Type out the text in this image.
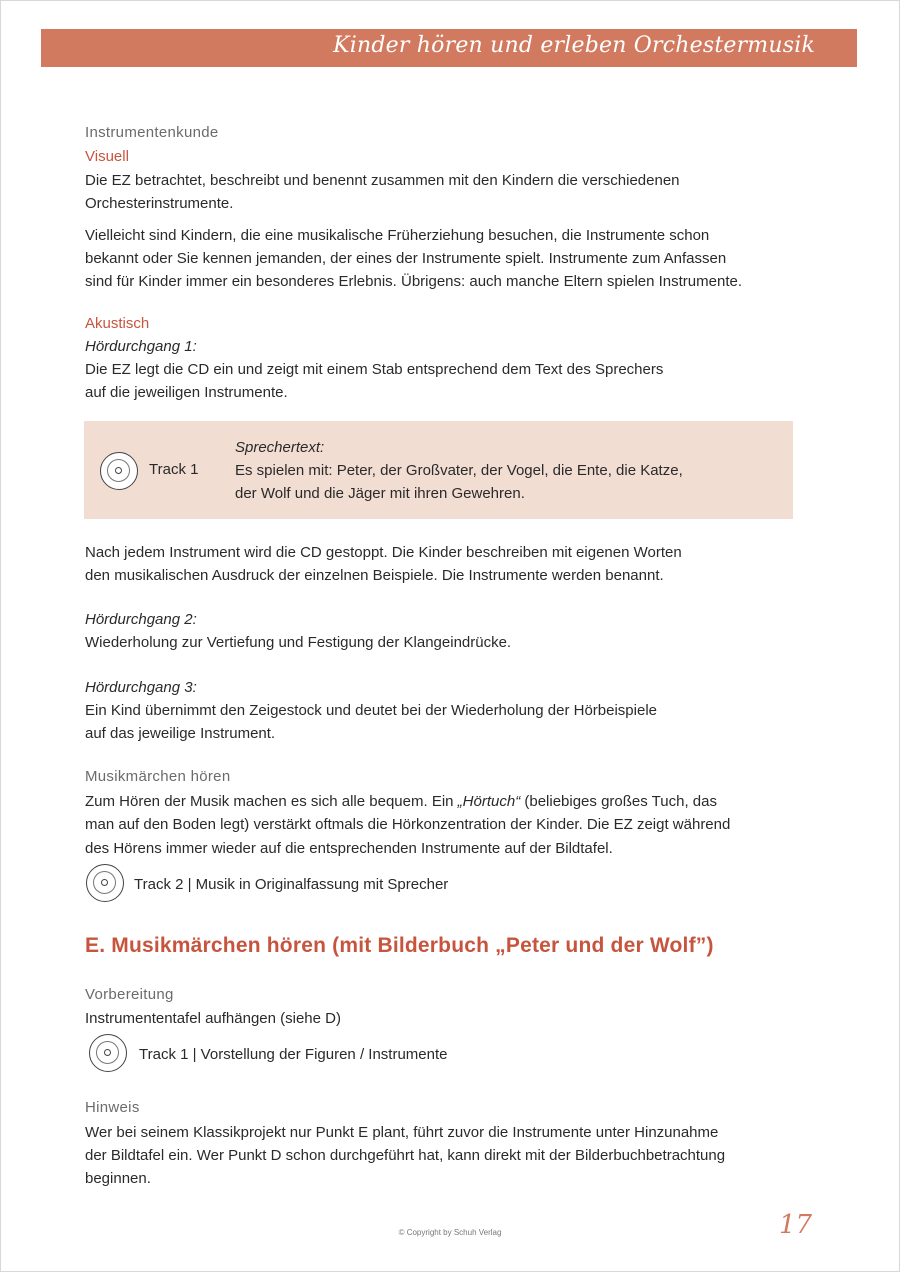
Kinder hören und erleben Orchestermusik
Instrumentenkunde
Visuell
Die EZ betrachtet, beschreibt und benennt zusammen mit den Kindern die verschiedenen
Orchesterinstrumente.
Vielleicht sind Kindern, die eine musikalische Früherziehung besuchen, die Instrumente schon
bekannt oder Sie kennen jemanden, der eines der Instrumente spielt. Instrumente zum Anfassen
sind für Kinder immer ein besonderes Erlebnis. Übrigens: auch manche Eltern spielen Instrumente.
Akustisch
Hördurchgang 1:
Die EZ legt die CD ein und zeigt mit einem Stab entsprechend dem Text des Sprechers
auf die jeweiligen Instrumente.
Track 1
Sprechertext:
Es spielen mit: Peter, der Großvater, der Vogel, die Ente, die Katze,
der Wolf und die Jäger mit ihren Gewehren.
Nach jedem Instrument wird die CD gestoppt. Die Kinder beschreiben mit eigenen Worten
den musikalischen Ausdruck der einzelnen Beispiele. Die Instrumente werden benannt.
Hördurchgang 2:
Wiederholung zur Vertiefung und Festigung der Klangeindrücke.
Hördurchgang 3:
Ein Kind übernimmt den Zeigestock und deutet bei der Wiederholung der Hörbeispiele
auf das jeweilige Instrument.
Musikmärchen hören
Zum Hören der Musik machen es sich alle bequem. Ein „Hörtuch“ (beliebiges großes Tuch, das
man auf den Boden legt) verstärkt oftmals die Hörkonzentration der Kinder. Die EZ zeigt während
des Hörens immer wieder auf die entsprechenden Instrumente auf der Bildtafel.
Track 2 | Musik in Originalfassung mit Sprecher
E. Musikmärchen hören (mit Bilderbuch „Peter und der Wolf”)
Vorbereitung
Instrumententafel aufhängen (siehe D)
Track 1 | Vorstellung der Figuren / Instrumente
Hinweis
Wer bei seinem Klassikprojekt nur Punkt E plant, führt zuvor die Instrumente unter Hinzunahme
der Bildtafel ein. Wer Punkt D schon durchgeführt hat, kann direkt mit der Bilderbuchbetrachtung
beginnen.
© Copyright by Schuh Verlag	17
